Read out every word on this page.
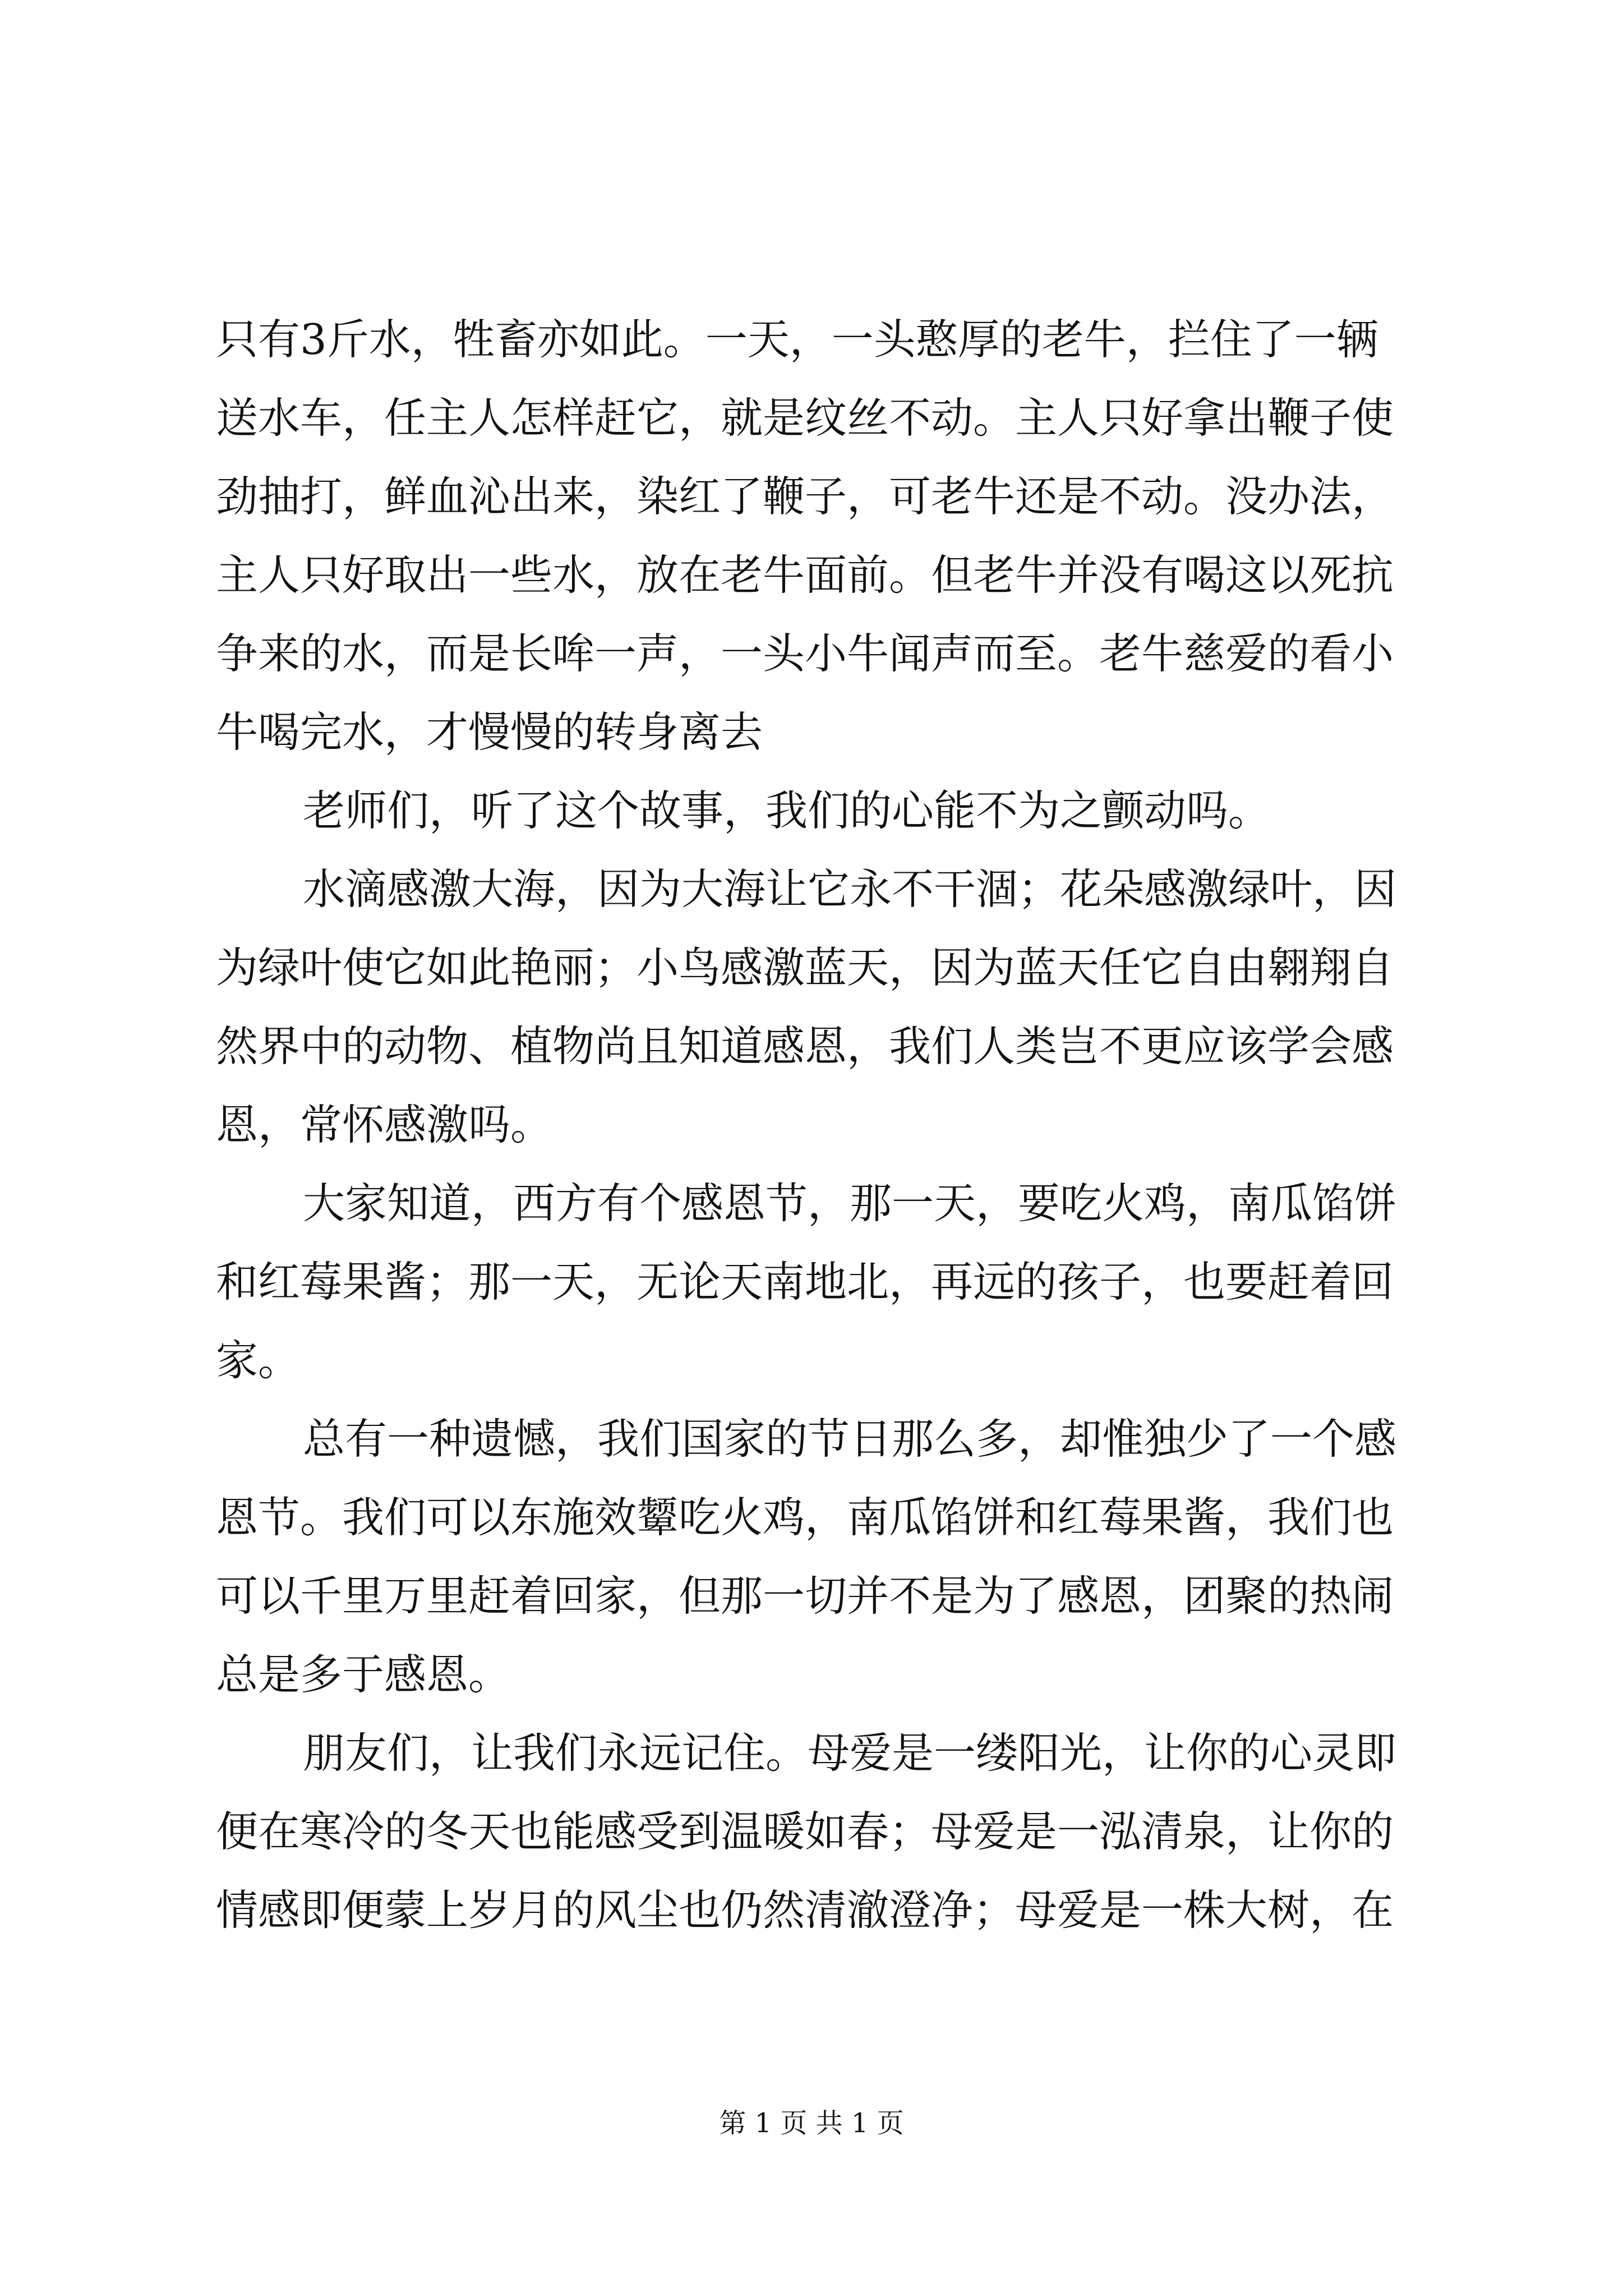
只有3斤水，牲畜亦如此。一天，一头憨厚的老牛，拦住了一辆
送水车，任主人怎样赶它，就是纹丝不动。主人只好拿出鞭子使
劲抽打，鲜血沁出来，染红了鞭子，可老牛还是不动。没办法，
主人只好取出一些水，放在老牛面前。但老牛并没有喝这以死抗
争来的水，而是长哞一声，一头小牛闻声而至。老牛慈爱的看小
牛喝完水，才慢慢的转身离去
老师们，听了这个故事，我们的心能不为之颤动吗。
水滴感激大海，因为大海让它永不干涸；花朵感激绿叶，因
为绿叶使它如此艳丽；小鸟感激蓝天，因为蓝天任它自由翱翔自
然界中的动物、植物尚且知道感恩，我们人类岂不更应该学会感
恩，常怀感激吗。
大家知道，西方有个感恩节，那一天，要吃火鸡，南瓜馅饼
和红莓果酱；那一天，无论天南地北，再远的孩子，也要赶着回
家。
总有一种遗憾，我们国家的节日那么多，却惟独少了一个感
恩节。我们可以东施效颦吃火鸡，南瓜馅饼和红莓果酱，我们也
可以千里万里赶着回家，但那一切并不是为了感恩，团聚的热闹
总是多于感恩。
朋友们，让我们永远记住。母爱是一缕阳光，让你的心灵即
便在寒冷的冬天也能感受到温暖如春；母爱是一泓清泉，让你的
情感即便蒙上岁月的风尘也仍然清澈澄净；母爱是一株大树，在
第 1 页 共 1 页
